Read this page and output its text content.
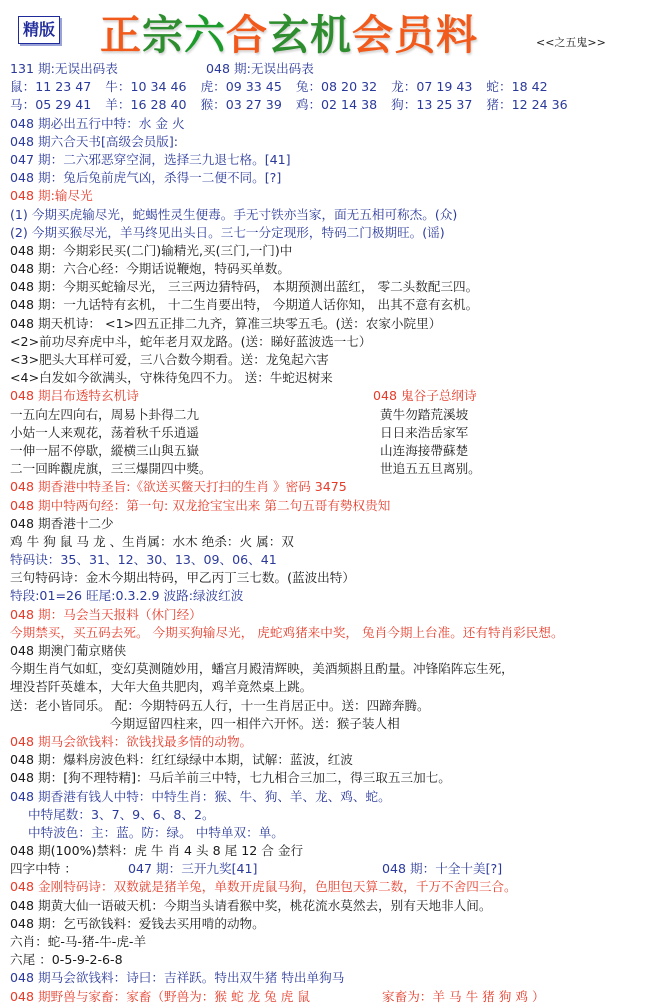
精版 正宗六合玄机会员料	<<之五鬼>>
131 期:无误出码表	048 期:无误出码表
鼠：11 23 47 牛：10 34 46 虎：09 33 45 兔：08 20 32 龙：07 19 43 蛇：18 42
马：05 29 41 羊：16 28 40 猴：03 27 39 鸡：02 14 38 狗：13 25 37 猪：12 24 36
048 期必出五行中特：水 金 火
048 期六合天书[高级会员版]:
047 期：二六邪恶穿空洞，选择三九退七格。[41]
048 期：兔后兔前虎气凶，杀得一二便不同。[?]
048 期:输尽光
(1) 今期买虎输尽光，蛇蝎性灵生便毒。手无寸铁亦当家，面无五相可称杰。(众)
(2) 今期买猴尽光，羊马终见出头日。三七一分定现形，特码二门极期旺。(谣)
048 期：今期彩民买(二门)输精光,买(三门,一门)中
048 期：六合心经：今期话说鞭炮，特码买单数。
048 期：今期买蛇输尽光， 三三两边猜特码， 本期预测出蓝红， 零二头数配三四。
048 期：一九话特有玄机， 十二生肖要出特， 今期道人话你知， 出其不意有玄机。
048 期天机诗： <1>四五正排二九齐，算准三块零五毛。(送：农家小院里）
<2>前功尽弃虎中斗，蛇年老月双龙路。(送：睇好蓝波选一七）
<3>肥头大耳样可爱，三八合数今期看。送：龙兔起六害
<4>白发如今欲满头，守株待兔四不力。 送：牛蛇迟树来
048 期吕布透特玄机诗	048 鬼谷子总纲诗
一五向左四向右，周易卜卦得二九	黄牛勿踏荒溪坡
小姑一人来观花，荡着秋千乐逍遥	日日来浩岳家军
一伸一屈不停歇，縱横三山與五嶽	山连海接帶蘇楚
二一回眸觀虎旗，三三爆開四中獎。	世追五五旦离别。
048 期香港中特圣旨:《欲送买鳖天打扫的生肖 》密码 3475
048 期中特两句经：第一句: 双龙抢宝宝出来 第二句五哥有勢权贵知
048 期香港十二少
鸡 牛 狗 鼠 马 龙 、生肖属：水木 绝杀：火 属：双
特码诀：35、31、12、30、13、09、06、41
三句特码诗：金木今期出特码，甲乙丙丁三七数。(蓝波出特）
特段:01=26 旺尾:0.3.2.9 波路:绿波红波
048 期：马会当天报料（休门经）
今期禁买，买五码去死。 今期买狗输尽光， 虎蛇鸡猪来中奖， 兔肖今期上台准。还有特肖彩民想。
048 期澳门葡京赌侠
今期生肖气如虹，变幻莫测随妙用，蟠宫月殿清辉映，美酒频斟且酌量。冲锋陷阵忘生死，
埋没苔阡英雄本，大年大鱼共肥肉，鸡羊竟然桌上跳。
送：老小皆同乐。 配：今期特码五人行，十一生肖居正中。送：四蹄奔腾。
今期逗留四柱来，四一相伴六开怀。送：猴子装人相
048 期马会欲钱料：欲钱找最多情的动物。
048 期：爆料房波色料：红红绿绿中本期，试解：蓝波，红波
048 期：[狗不理特精]：马后羊前三中特，七九相合三加二，得三取五三加七。
048 期香港有钱人中特：中特生肖：猴、牛、狗、羊、龙、鸡、蛇。
中特尾数：3、7、9、6、8、2。
中特波色：主：蓝。防：绿。 中特单双：单。
048 期(100%)禁料：虎 牛 肖 4 头 8 尾 12 合 金行
四字中特 ：	047 期：三开九奖[41]	048 期：十全十美[?]
048 金刚特码诗：双数就是猪羊兔，单数开虎鼠马狗，色胆包天算二数，千万不舍四三合。
048 期黄大仙一语破天机：今期当头请看猴中奖，桃花流水莫然去，别有天地非人间。
048 期：乞丐欲钱料：爱钱去买用啃的动物。
六肖：蛇-马-猪-牛-虎-羊
六尾 ：0-5-9-2-6-8
048 期马会欲钱料：诗曰：吉祥跃。特出双牛猪 特出单狗马
048 期野兽与家畜：家畜（野兽为：猴 蛇 龙 兔 虎 鼠	家畜为：羊 马 牛 猪 狗 鸡 ）
